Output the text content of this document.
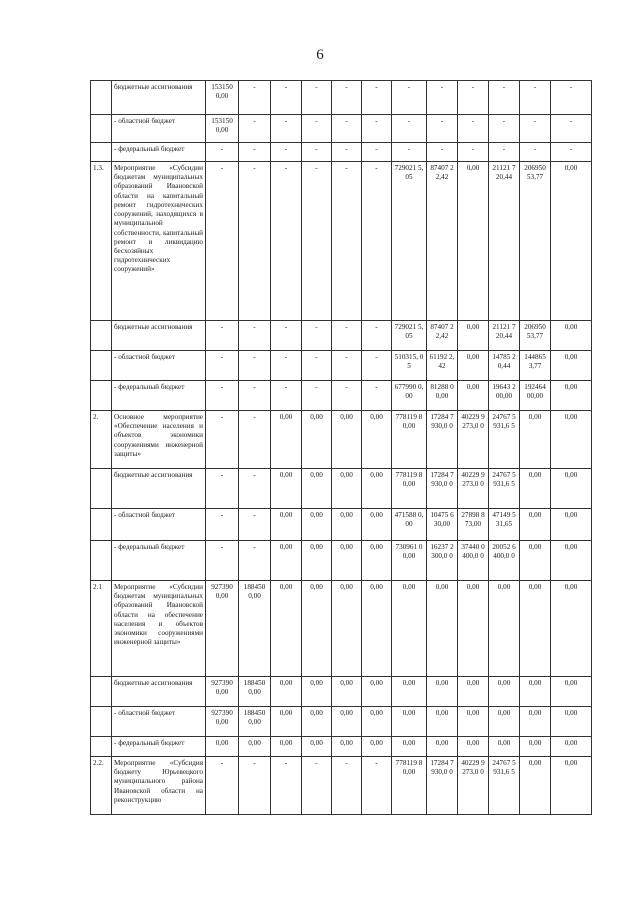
6
	бюджетные ассигнования	153150 0,00	-	-	-	-	-	-	-	-	-	-	-
	- областной бюджет	153150 0,00	-	-	-	-	-	-	-	-	-	-	-
	- федеральный бюджет	-	-	-	-	-	-	-	-	-	-	-	-
1.3.	Мероприятие «Субсидии бюджетам муниципальных образований Ивановской области на капитальный ремонт гидротехнических сооружений, находящихся в муниципальной собственности, капитальный ремонт и ликвидацию бесхозяйных гидротехнических сооружений»	-	-	-	-	-	-	729021 5,05	87407 22,42	0,00	21121 720,44	206950 53,77	0,00
	бюджетные ассигнования	-	-	-	-	-	-	729021 5,05	87407 22,42	0,00	21121 720,44	206950 53,77	0,00
	- областной бюджет	-	-	-	-	-	-	510315, 05	61192 2,42	0,00	14785 20,44	144865 3,77	0,00
	- федеральный бюджет	-	-	-	-	-	-	677990 0,00	81288 00,00	0,00	19643 200,00	192464 00,00	0,00
2.	Основное мероприятие «Обеспечение населения и объектов экономики сооружениями инженерной защиты»	-	-	0,00	0,00	0,00	0,00	778119 80,00	17284 7930,0 0	40229 9273,0 0	24767 5931,6 5	0,00	0,00
	бюджетные ассигнования	-	-	0,00	0,00	0,00	0,00	778119 80,00	17284 7930,0 0	40229 9273,0 0	24767 5931,6 5	0,00	0,00
	- областной бюджет	-	-	0,00	0,00	0,00	0,00	471588 0,00	10475 630,00	27898 873,00	47149 531,65	0,00	0,00
	- федеральный бюджет	-	-	0,00	0,00	0,00	0,00	730961 00,00	16237 2300,0 0	37440 0400,0 0	20052 6400,0 0	0,00	0,00
2.1	Мероприятие «Субсидии бюджетам муниципальных образований Ивановской области на обеспечение населения и объектов экономики сооружениями инженерной защиты»	927390 0,00	188450 0,00	0,00	0,00	0,00	0,00	0,00	0,00	0,00	0,00	0,00	0,00
	бюджетные ассигнования	927390 0,00	188450 0,00	0,00	0,00	0,00	0,00	0,00	0,00	0,00	0,00	0,00	0,00
	- областной бюджет	927390 0,00	188450 0,00	0,00	0,00	0,00	0,00	0,00	0,00	0,00	0,00	0,00	0,00
	- федеральный бюджет	0,00	0,00	0,00	0,00	0,00	0,00	0,00	0,00	0,00	0,00	0,00	0,00
2.2.	Мероприятие «Субсидия бюджету Юрьевецкого муниципального района Ивановской области на реконструкцию	-	-	-	-	-	-	778119 80,00	17284 7930,0 0	40229 9273,0 0	24767 5931,6 5	0,00	0,00
